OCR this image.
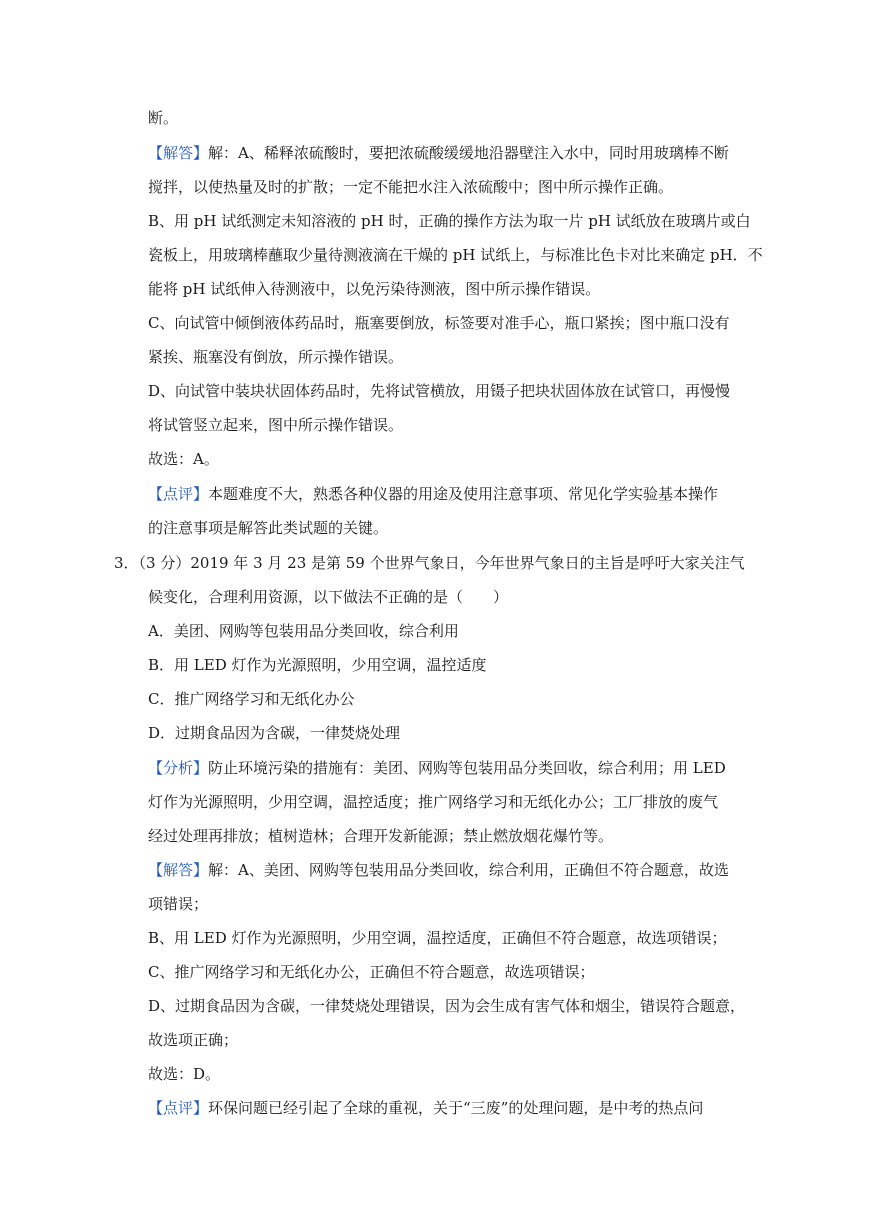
断。
【解答】解：A、稀释浓硫酸时，要把浓硫酸缓缓地沿器壁注入水中，同时用玻璃棒不断
搅拌，以使热量及时的扩散；一定不能把水注入浓硫酸中；图中所示操作正确。
B、用 pH 试纸测定未知溶液的 pH 时，正确的操作方法为取一片 pH 试纸放在玻璃片或白
瓷板上，用玻璃棒蘸取少量待测液滴在干燥的 pH 试纸上，与标准比色卡对比来确定 pH．不
能将 pH 试纸伸入待测液中，以免污染待测液，图中所示操作错误。
C、向试管中倾倒液体药品时，瓶塞要倒放，标签要对准手心，瓶口紧挨；图中瓶口没有
紧挨、瓶塞没有倒放，所示操作错误。
D、向试管中装块状固体药品时，先将试管横放，用镊子把块状固体放在试管口，再慢慢
将试管竖立起来，图中所示操作错误。
故选：A。
【点评】本题难度不大，熟悉各种仪器的用途及使用注意事项、常见化学实验基本操作
的注意事项是解答此类试题的关键。
3．（3 分）2019 年 3 月 23 是第 59 个世界气象日，今年世界气象日的主旨是呼吁大家关注气
候变化，合理利用资源，以下做法不正确的是（　　）
A．美团、网购等包装用品分类回收，综合利用
B．用 LED 灯作为光源照明，少用空调，温控适度
C．推广网络学习和无纸化办公
D．过期食品因为含碳，一律焚烧处理
【分析】防止环境污染的措施有：美团、网购等包装用品分类回收，综合利用；用 LED
灯作为光源照明，少用空调，温控适度；推广网络学习和无纸化办公；工厂排放的废气
经过处理再排放；植树造林；合理开发新能源；禁止燃放烟花爆竹等。
【解答】解：A、美团、网购等包装用品分类回收，综合利用，正确但不符合题意，故选
项错误；
B、用 LED 灯作为光源照明，少用空调，温控适度，正确但不符合题意，故选项错误；
C、推广网络学习和无纸化办公，正确但不符合题意，故选项错误；
D、过期食品因为含碳，一律焚烧处理错误，因为会生成有害气体和烟尘，错误符合题意，
故选项正确；
故选：D。
【点评】环保问题已经引起了全球的重视，关于“三废”的处理问题，是中考的热点问
